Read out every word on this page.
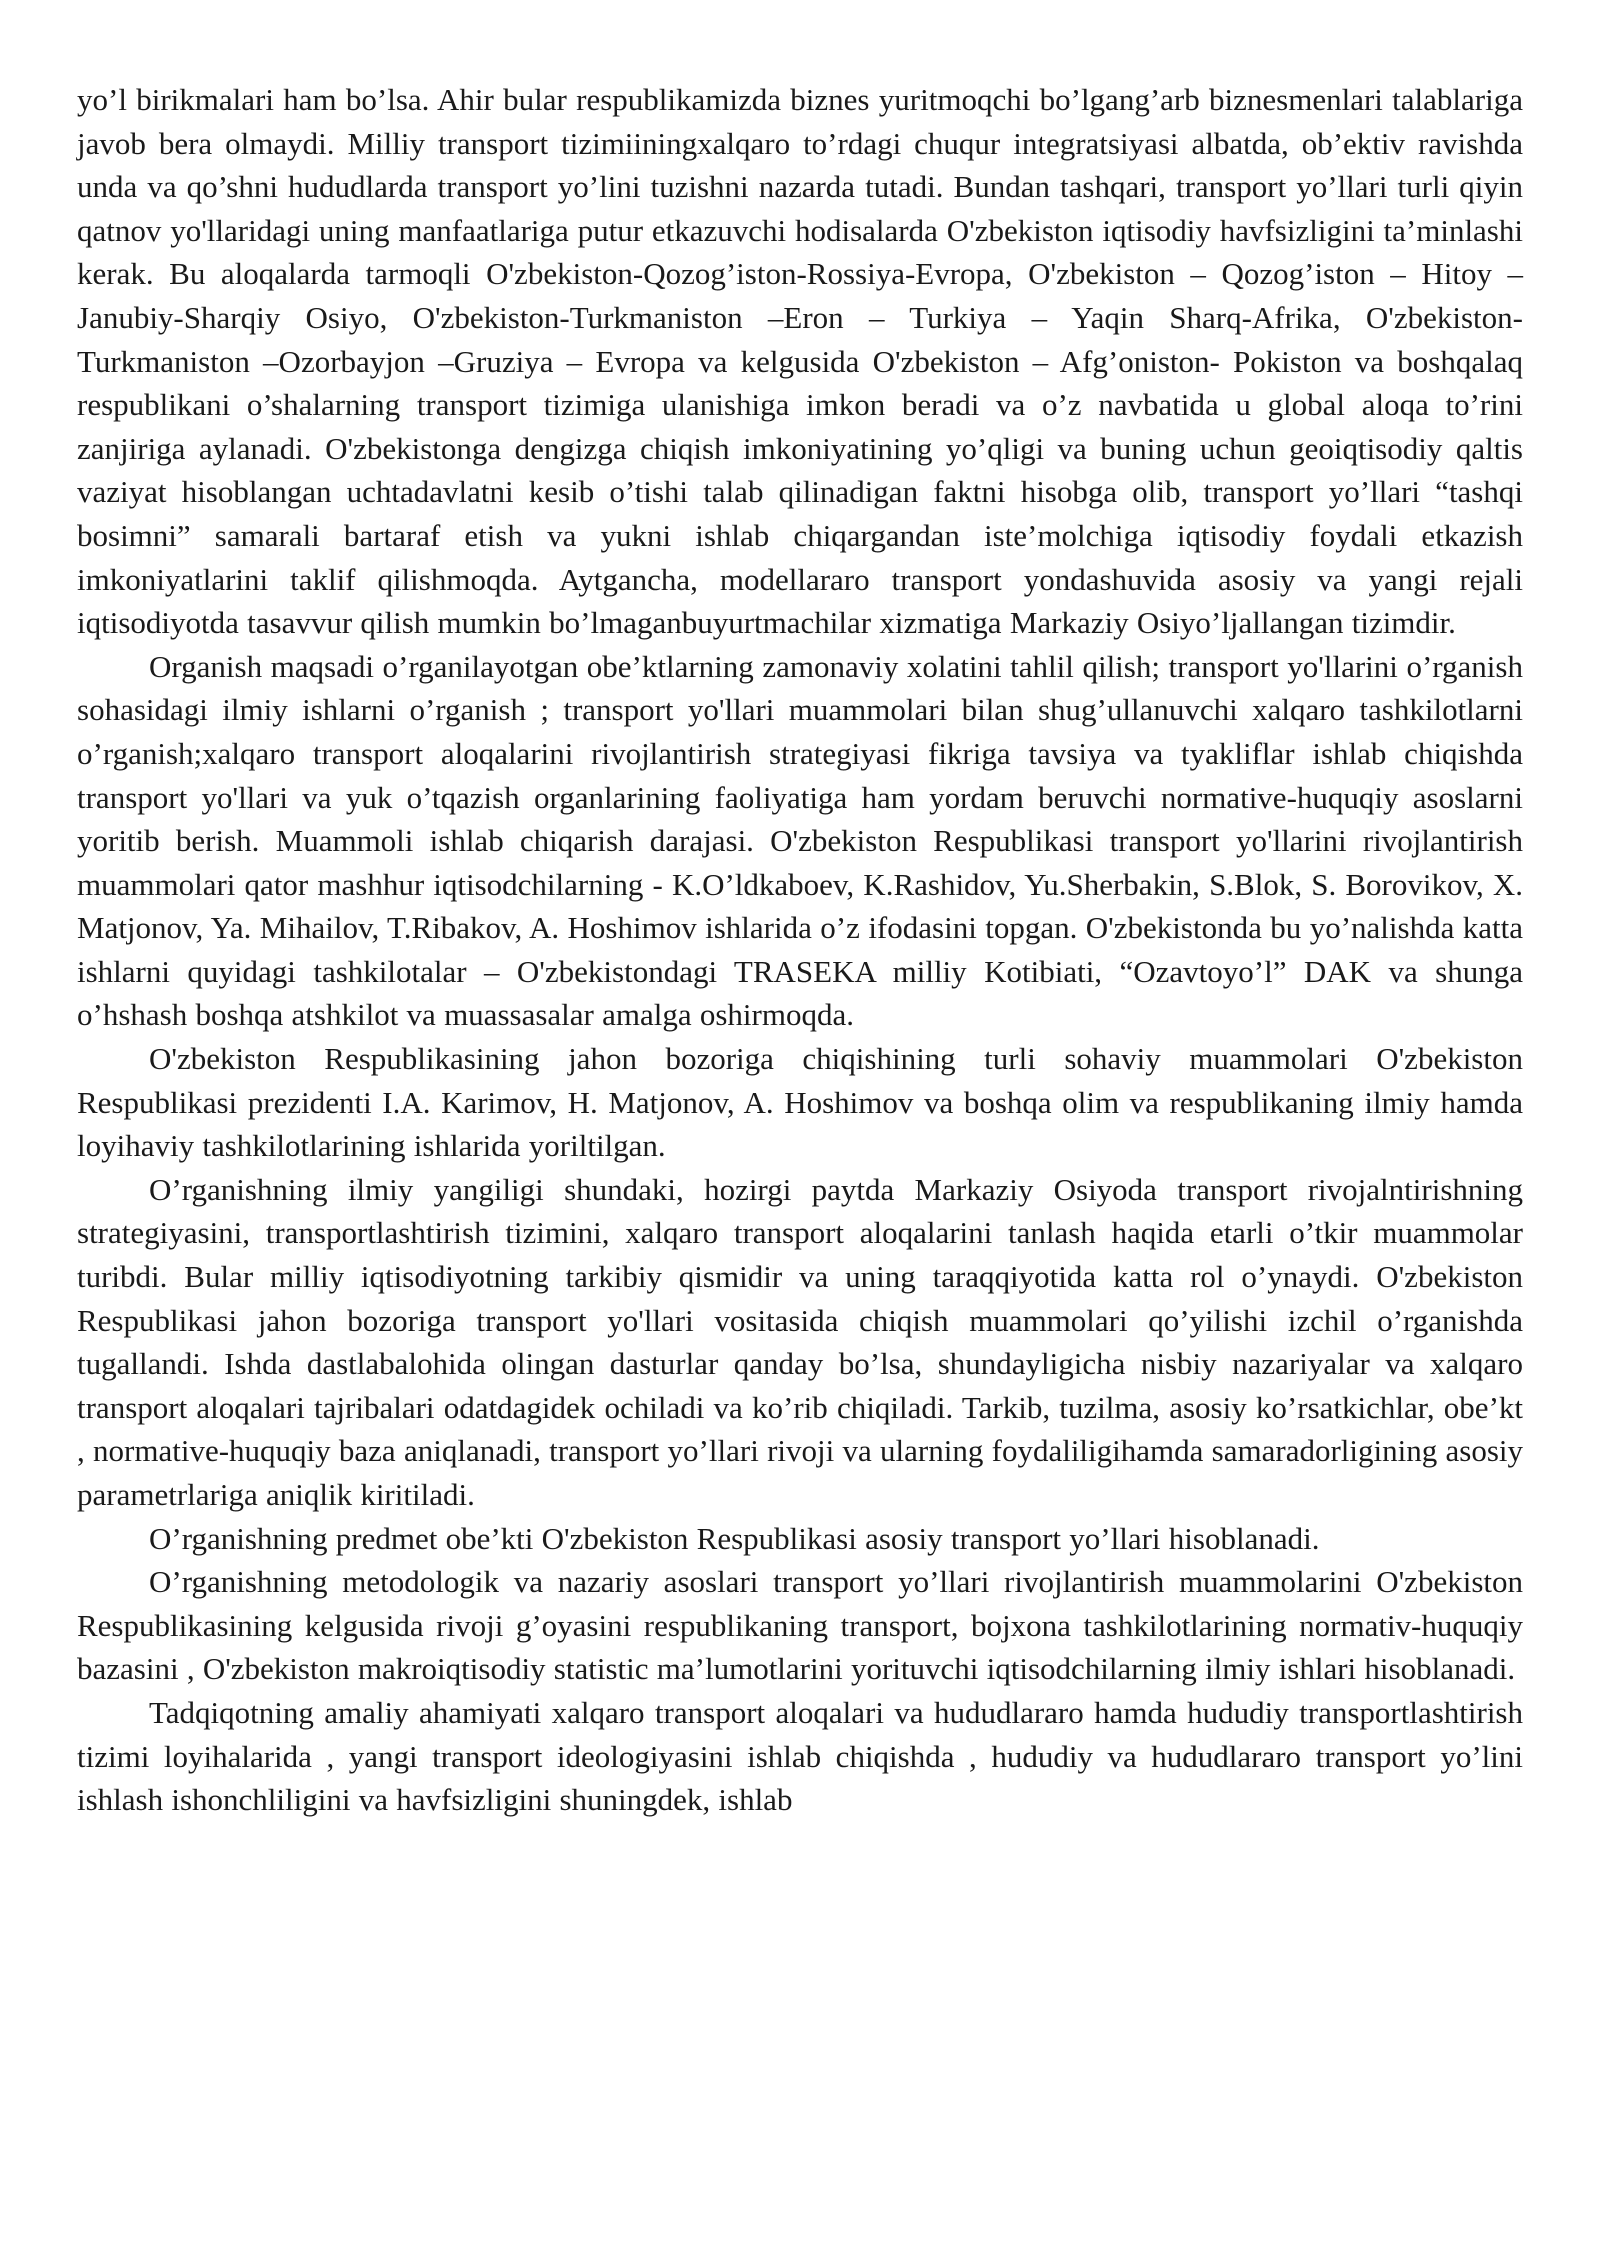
yo’l birikmalari ham bo’lsa. Ahir bular respublikamizda biznes yuritmoqchi bo’lgang’arb biznesmenlari talablariga javob bera olmaydi. Milliy transport tizimiiningxalqaro to’rdagi chuqur integratsiyasi albatda, ob’ektiv ravishda unda va qo’shni hududlarda transport yo’lini tuzishni nazarda tutadi. Bundan tashqari, transport yo’llari turli qiyin qatnov yo'llaridagi uning manfaatlariga putur etkazuvchi hodisalarda O'zbekiston iqtisodiy havfsizligini ta’minlashi kerak. Bu aloqalarda tarmoqli O'zbekiston-Qozog’iston-Rossiya-Evropa, O'zbekiston – Qozog’iston – Hitoy –Janubiy-Sharqiy Osiyo, O'zbekiston-Turkmaniston –Eron – Turkiya – Yaqin Sharq-Afrika, O'zbekiston- Turkmaniston –Ozorbayjon –Gruziya – Evropa va kelgusida O'zbekiston – Afg’oniston- Pokiston va boshqalaq respublikani o’shalarning transport tizimiga ulanishiga imkon beradi va o’z navbatida u global aloqa to’rini zanjiriga aylanadi. O'zbekistonga dengizga chiqish imkoniyatining yo’qligi va buning uchun geoiqtisodiy qaltis vaziyat hisoblangan uchtadavlatni kesib o’tishi talab qilinadigan faktni hisobga olib, transport yo’llari “tashqi bosimni” samarali bartaraf etish va yukni ishlab chiqargandan iste’molchiga iqtisodiy foydali etkazish imkoniyatlarini taklif qilishmoqda. Aytgancha, modellararo transport yondashuvida asosiy va yangi rejali iqtisodiyotda tasavvur qilish mumkin bo’lmaganbuyurtmachilar xizmatiga Markaziy Osiyo’ljallangan tizimdir.

Organish maqsadi o’rganilayotgan obe’ktlarning zamonaviy xolatini tahlil qilish; transport yo'llarini o’rganish sohasidagi ilmiy ishlarni o’rganish ; transport yo'llari muammolari bilan shug’ullanuvchi xalqaro tashkilotlarni o’rganish;xalqaro transport aloqalarini rivojlantirish strategiyasi fikriga tavsiya va tyakliflar ishlab chiqishda transport yo'llari va yuk o’tqazish organlarining faoliyatiga ham yordam beruvchi normative-huquqiy asoslarni yoritib berish. Muammoli ishlab chiqarish darajasi. O'zbekiston Respublikasi transport yo'llarini rivojlantirish muammolari qator mashhur iqtisodchilarning - K.O’ldkaboev, K.Rashidov, Yu.Sherbakin, S.Blok, S. Borovikov, X. Matjonov, Ya. Mihailov, T.Ribakov, A. Hoshimov ishlarida o’z ifodasini topgan. O'zbekistonda bu yo’nalishda katta ishlarni quyidagi tashkilotalar – O'zbekistondagi TRASEKA milliy Kotibiati, “Ozavtoyo’l” DAK va shunga o’hshash boshqa atshkilot va muassasalar amalga oshirmoqda.

O'zbekiston Respublikasining jahon bozoriga chiqishining turli sohaviy muammolari O'zbekiston Respublikasi prezidenti I.A. Karimov, H. Matjonov, A. Hoshimov va boshqa olim va respublikaning ilmiy hamda loyihaviy tashkilotlarining ishlarida yoriltilgan.

O’rganishning ilmiy yangiligi shundaki, hozirgi paytda Markaziy Osiyoda transport rivojalntirishning strategiyasini, transportlashtirish tizimini, xalqaro transport aloqalarini tanlash haqida etarli o’tkir muammolar turibdi. Bular milliy iqtisodiyotning tarkibiy qismidir va uning taraqqiyotida katta rol o’ynaydi. O'zbekiston Respublikasi jahon bozoriga transport yo'llari vositasida chiqish muammolari qo’yilishi izchil o’rganishda tugallandi. Ishda dastlabalohida olingan dasturlar qanday bo’lsa, shundayligicha nisbiy nazariyalar va xalqaro transport aloqalari tajribalari odatdagidek ochiladi va ko’rib chiqiladi. Tarkib, tuzilma, asosiy ko’rsatkichlar, obe’kt , normative-huquqiy baza aniqlanadi, transport yo’llari rivoji va ularning foydaliligihamda samaradorligining asosiy parametrlariga aniqlik kiritiladi.

O’rganishning predmet obe’kti O'zbekiston Respublikasi asosiy transport yo’llari hisoblanadi.

O’rganishning metodologik va nazariy asoslari transport yo’llari rivojlantirish muammolarini O'zbekiston Respublikasining kelgusida rivoji g’oyasini respublikaning transport, bojxona tashkilotlarining normativ-huquqiy bazasini , O'zbekiston makroiqtisodiy statistic ma’lumotlarini yorituvchi iqtisodchilarning ilmiy ishlari hisoblanadi.

Tadqiqotning amaliy ahamiyati xalqaro transport aloqalari va hududlararo hamda hududiy transportlashtirish tizimi loyihalarida , yangi transport ideologiyasini ishlab chiqishda , hududiy va hududlararo transport yo’lini ishlash ishonchliligini va havfsizligini shuningdek, ishlab
